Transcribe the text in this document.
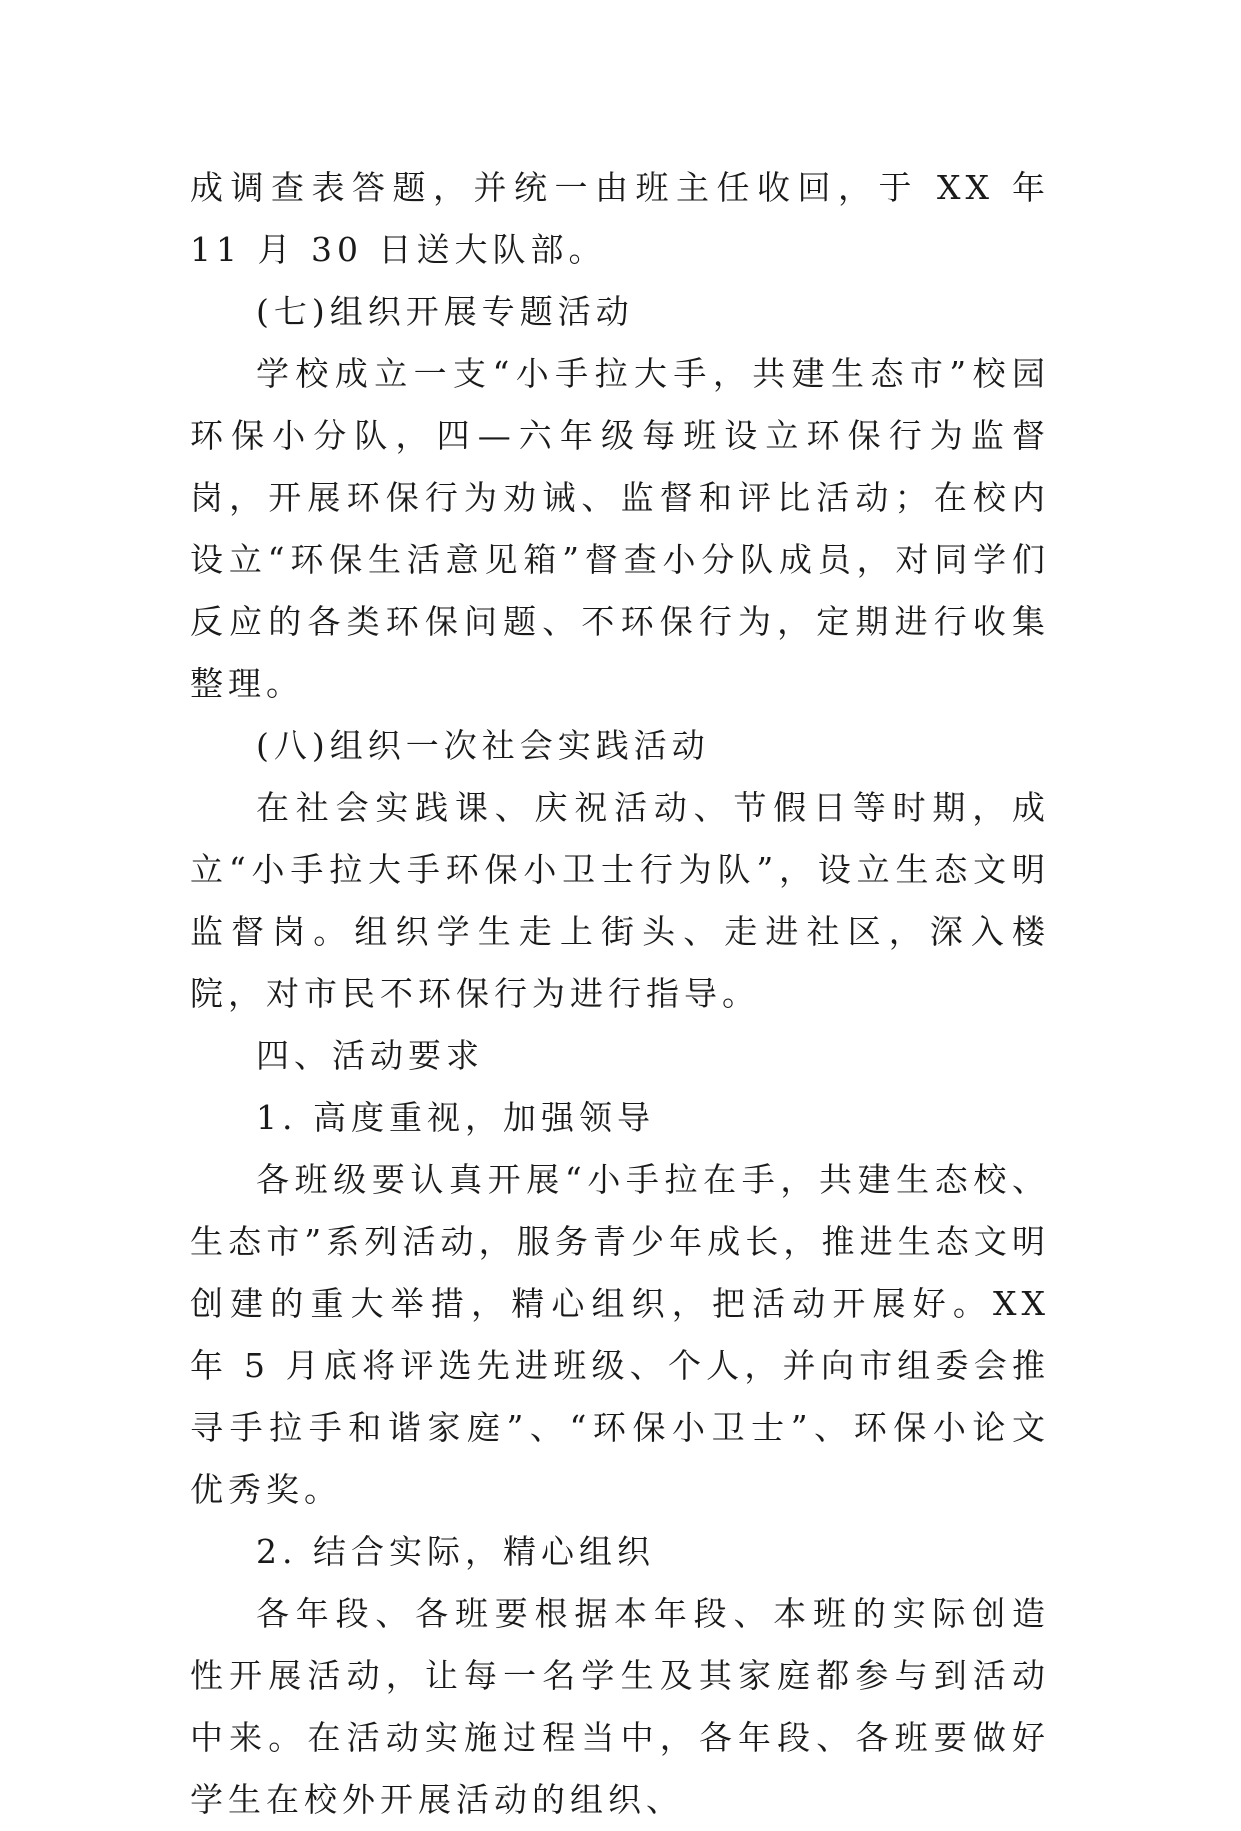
成调查表答题，并统一由班主任收回，于 XX 年 11 月 30 日送大队部。

(七)组织开展专题活动

学校成立一支“小手拉大手，共建生态市”校园环保小分队，四—六年级每班设立环保行为监督岗，开展环保行为劝诫、监督和评比活动；在校内设立“环保生活意见箱”督查小分队成员，对同学们反应的各类环保问题、不环保行为，定期进行收集整理。

(八)组织一次社会实践活动

在社会实践课、庆祝活动、节假日等时期，成立“小手拉大手环保小卫士行为队”，设立生态文明监督岗。组织学生走上街头、走进社区，深入楼院，对市民不环保行为进行指导。

四、活动要求

1. 高度重视，加强领导

各班级要认真开展“小手拉在手，共建生态校、生态市”系列活动，服务青少年成长，推进生态文明创建的重大举措，精心组织，把活动开展好。XX 年 5 月底将评选先进班级、个人，并向市组委会推寻手拉手和谐家庭”、“环保小卫士”、环保小论文优秀奖。

2. 结合实际，精心组织

各年段、各班要根据本年段、本班的实际创造性开展活动，让每一名学生及其家庭都参与到活动中来。在活动实施过程当中，各年段、各班要做好学生在校外开展活动的组织、
